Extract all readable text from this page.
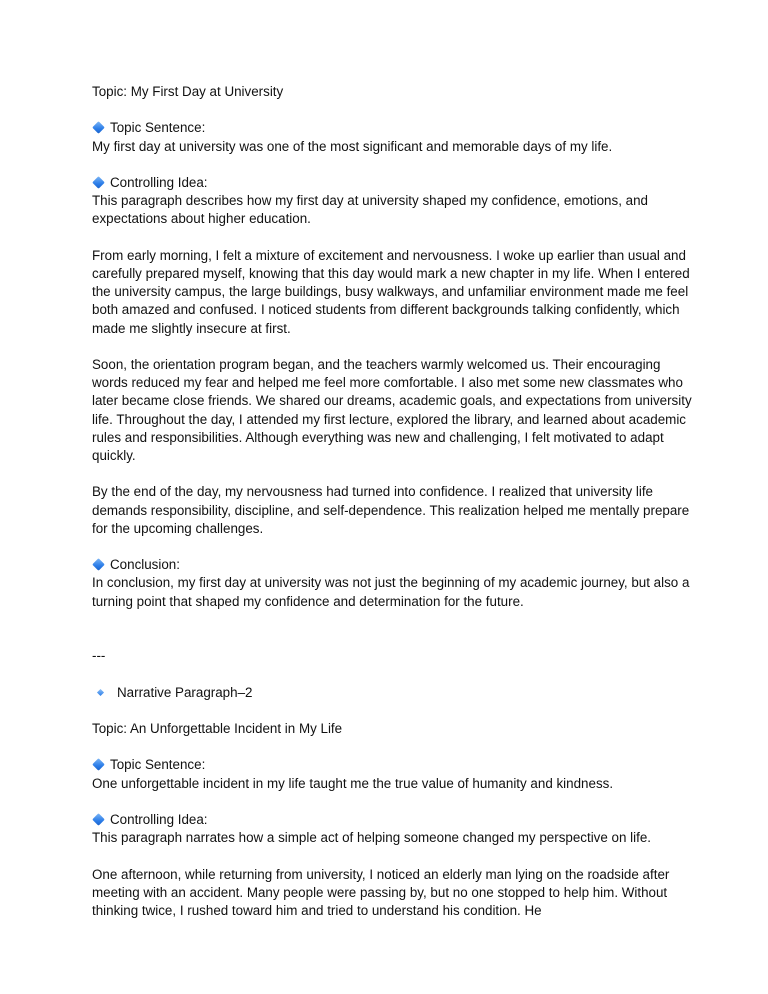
Topic: My First Day at University

Topic Sentence:

My first day at university was one of the most significant and memorable days of my life.

Controlling Idea:

This paragraph describes how my first day at university shaped my confidence, emotions, and expectations about higher education.

From early morning, I felt a mixture of excitement and nervousness. I woke up earlier than usual and carefully prepared myself, knowing that this day would mark a new chapter in my life. When I entered the university campus, the large buildings, busy walkways, and unfamiliar environment made me feel both amazed and confused. I noticed students from different backgrounds talking confidently, which made me slightly insecure at first.

Soon, the orientation program began, and the teachers warmly welcomed us. Their encouraging words reduced my fear and helped me feel more comfortable. I also met some new classmates who later became close friends. We shared our dreams, academic goals, and expectations from university life. Throughout the day, I attended my first lecture, explored the library, and learned about academic rules and responsibilities. Although everything was new and challenging, I felt motivated to adapt quickly.

By the end of the day, my nervousness had turned into confidence. I realized that university life demands responsibility, discipline, and self-dependence. This realization helped me mentally prepare for the upcoming challenges.

Conclusion:

In conclusion, my first day at university was not just the beginning of my academic journey, but also a turning point that shaped my confidence and determination for the future.

---

Narrative Paragraph–2

Topic: An Unforgettable Incident in My Life

Topic Sentence:

One unforgettable incident in my life taught me the true value of humanity and kindness.

Controlling Idea:

This paragraph narrates how a simple act of helping someone changed my perspective on life.

One afternoon, while returning from university, I noticed an elderly man lying on the roadside after meeting with an accident. Many people were passing by, but no one stopped to help him. Without thinking twice, I rushed toward him and tried to understand his condition. He
